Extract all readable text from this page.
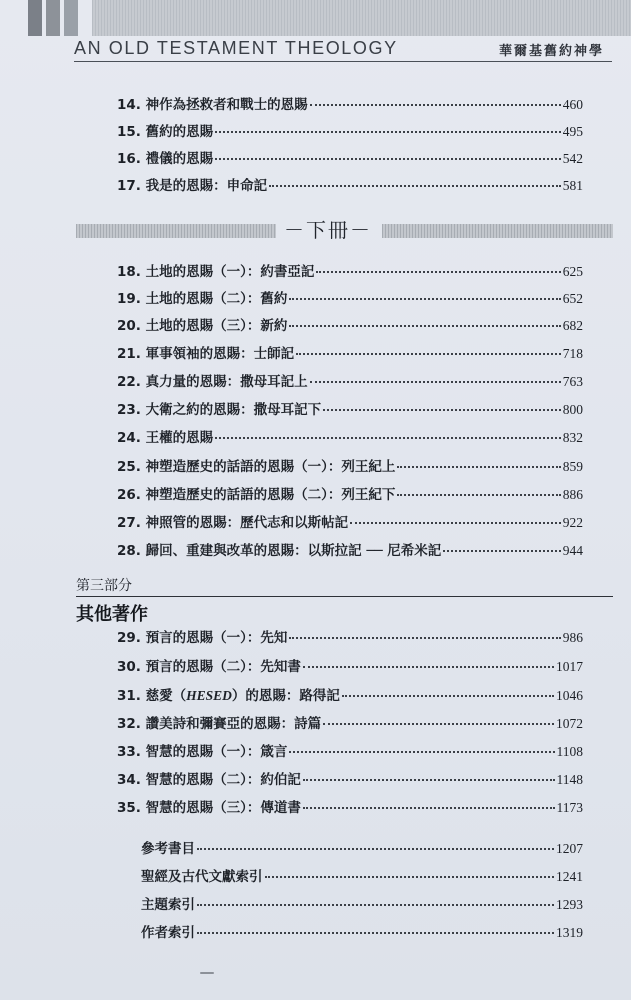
AN OLD TESTAMENT THEOLOGY	華爾基舊約神學
14. 神作為拯救者和戰士的恩賜	460
15. 舊約的恩賜	495
16. 禮儀的恩賜	542
17. 我是的恩賜：申命記	581
－下冊－
18. 土地的恩賜（一）：約書亞記	625
19. 土地的恩賜（二）：舊約	652
20. 土地的恩賜（三）：新約	682
21. 軍事領袖的恩賜：士師記	718
22. 真力量的恩賜：撒母耳記上	763
23. 大衛之約的恩賜：撒母耳記下	800
24. 王權的恩賜	832
25. 神塑造歷史的話語的恩賜（一）：列王紀上	859
26. 神塑造歷史的話語的恩賜（二）：列王紀下	886
27. 神照管的恩賜：歷代志和以斯帖記	922
28. 歸回、重建與改革的恩賜：以斯拉記 ── 尼希米記	944
第三部分
其他著作
29. 預言的恩賜（一）：先知	986
30. 預言的恩賜（二）：先知書	1017
31. 慈愛（HESED）的恩賜：路得記	1046
32. 讚美詩和彌賽亞的恩賜：詩篇	1072
33. 智慧的恩賜（一）：箴言	1108
34. 智慧的恩賜（二）：約伯記	1148
35. 智慧的恩賜（三）：傳道書	1173
參考書目	1207
聖經及古代文獻索引	1241
主題索引	1293
作者索引	1319
